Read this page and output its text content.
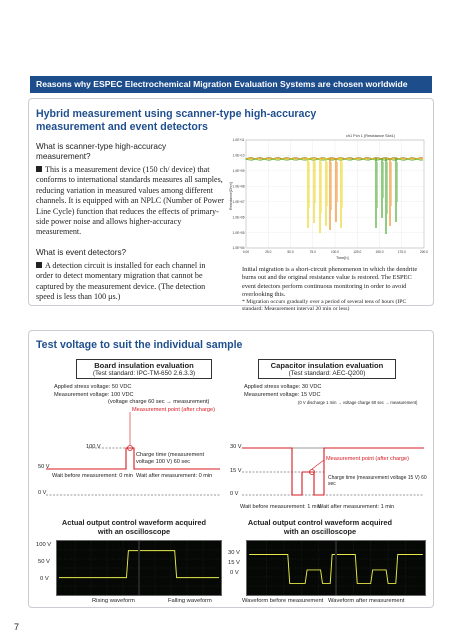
Reasons why ESPEC Electrochemical Migration Evaluation Systems are chosen worldwide
Hybrid measurement using scanner-type high-accuracy measurement and event detectors
What is scanner-type high-accuracy measurement?
This is a measurement device (150 ch/ device) that conforms to international standards measures all samples, reducing variation in measured values among different channels. It is equipped with an NPLC (Number of Power Line Cycle) function that reduces the effects of primary-side power noise and allows higher-accuracy measurement.
What is event detectors?
A detection circuit is installed for each channel in order to detect momentary migration that cannot be captured by the measurement device. (The detection speed is less than 100 μs.)
1.0E+11
1.0E+10
1.0E+09
1.0E+08
1.0E+07
1.0E+06
1.0E+05
1.0E+04
0.00	25.0	50.0	75.0	100.0	125.0	150.0	175.0	200.0
ch1 Pch 1 (Resistance Slot1)
Resistance[Ohm]
Time[h]
Initial migration is a short-circuit phenomenon in which the dendrite burns out and the original resistance value is restored. The ESPEC event detectors perform continuous monitoring in order to avoid overlooking this.
* Migration occurs gradually over a period of several tens of hours (IPC standard: Measurement interval 20 min or less)
Test voltage to suit the individual sample
Board insulation evaluation
(Test standard: IPC-TM-650 2.6.3.3)
Applied stress voltage: 50 VDC
Measurement voltage: 100 VDC
(voltage charge 60 sec → measurement)
Measurement point (after charge)
100 V
50 V
0 V
Charge time (measurement voltage 100 V) 60 sec
Wait before measurement: 0 min Wait after measurement: 0 min
Actual output control waveform acquired with an oscilloscope
100 V
50 V
0 V
Rising waveform	Falling waveform
Capacitor insulation evaluation
(Test standard: AEC-Q200)
Applied stress voltage: 30 VDC
Measurement voltage: 15 VDC
(0 V discharge 1 min → voltage charge 60 sec → measurement)
Measurement point (after charge)
30 V
15 V
0 V
Charge time (measurement voltage 15 V) 60 sec
Wait before measurement: 1 min
Wait after measurement: 1 min
Actual output control waveform acquired with an oscilloscope
30 V
15 V
0 V
Waveform before measurement Waveform after measurement
7
